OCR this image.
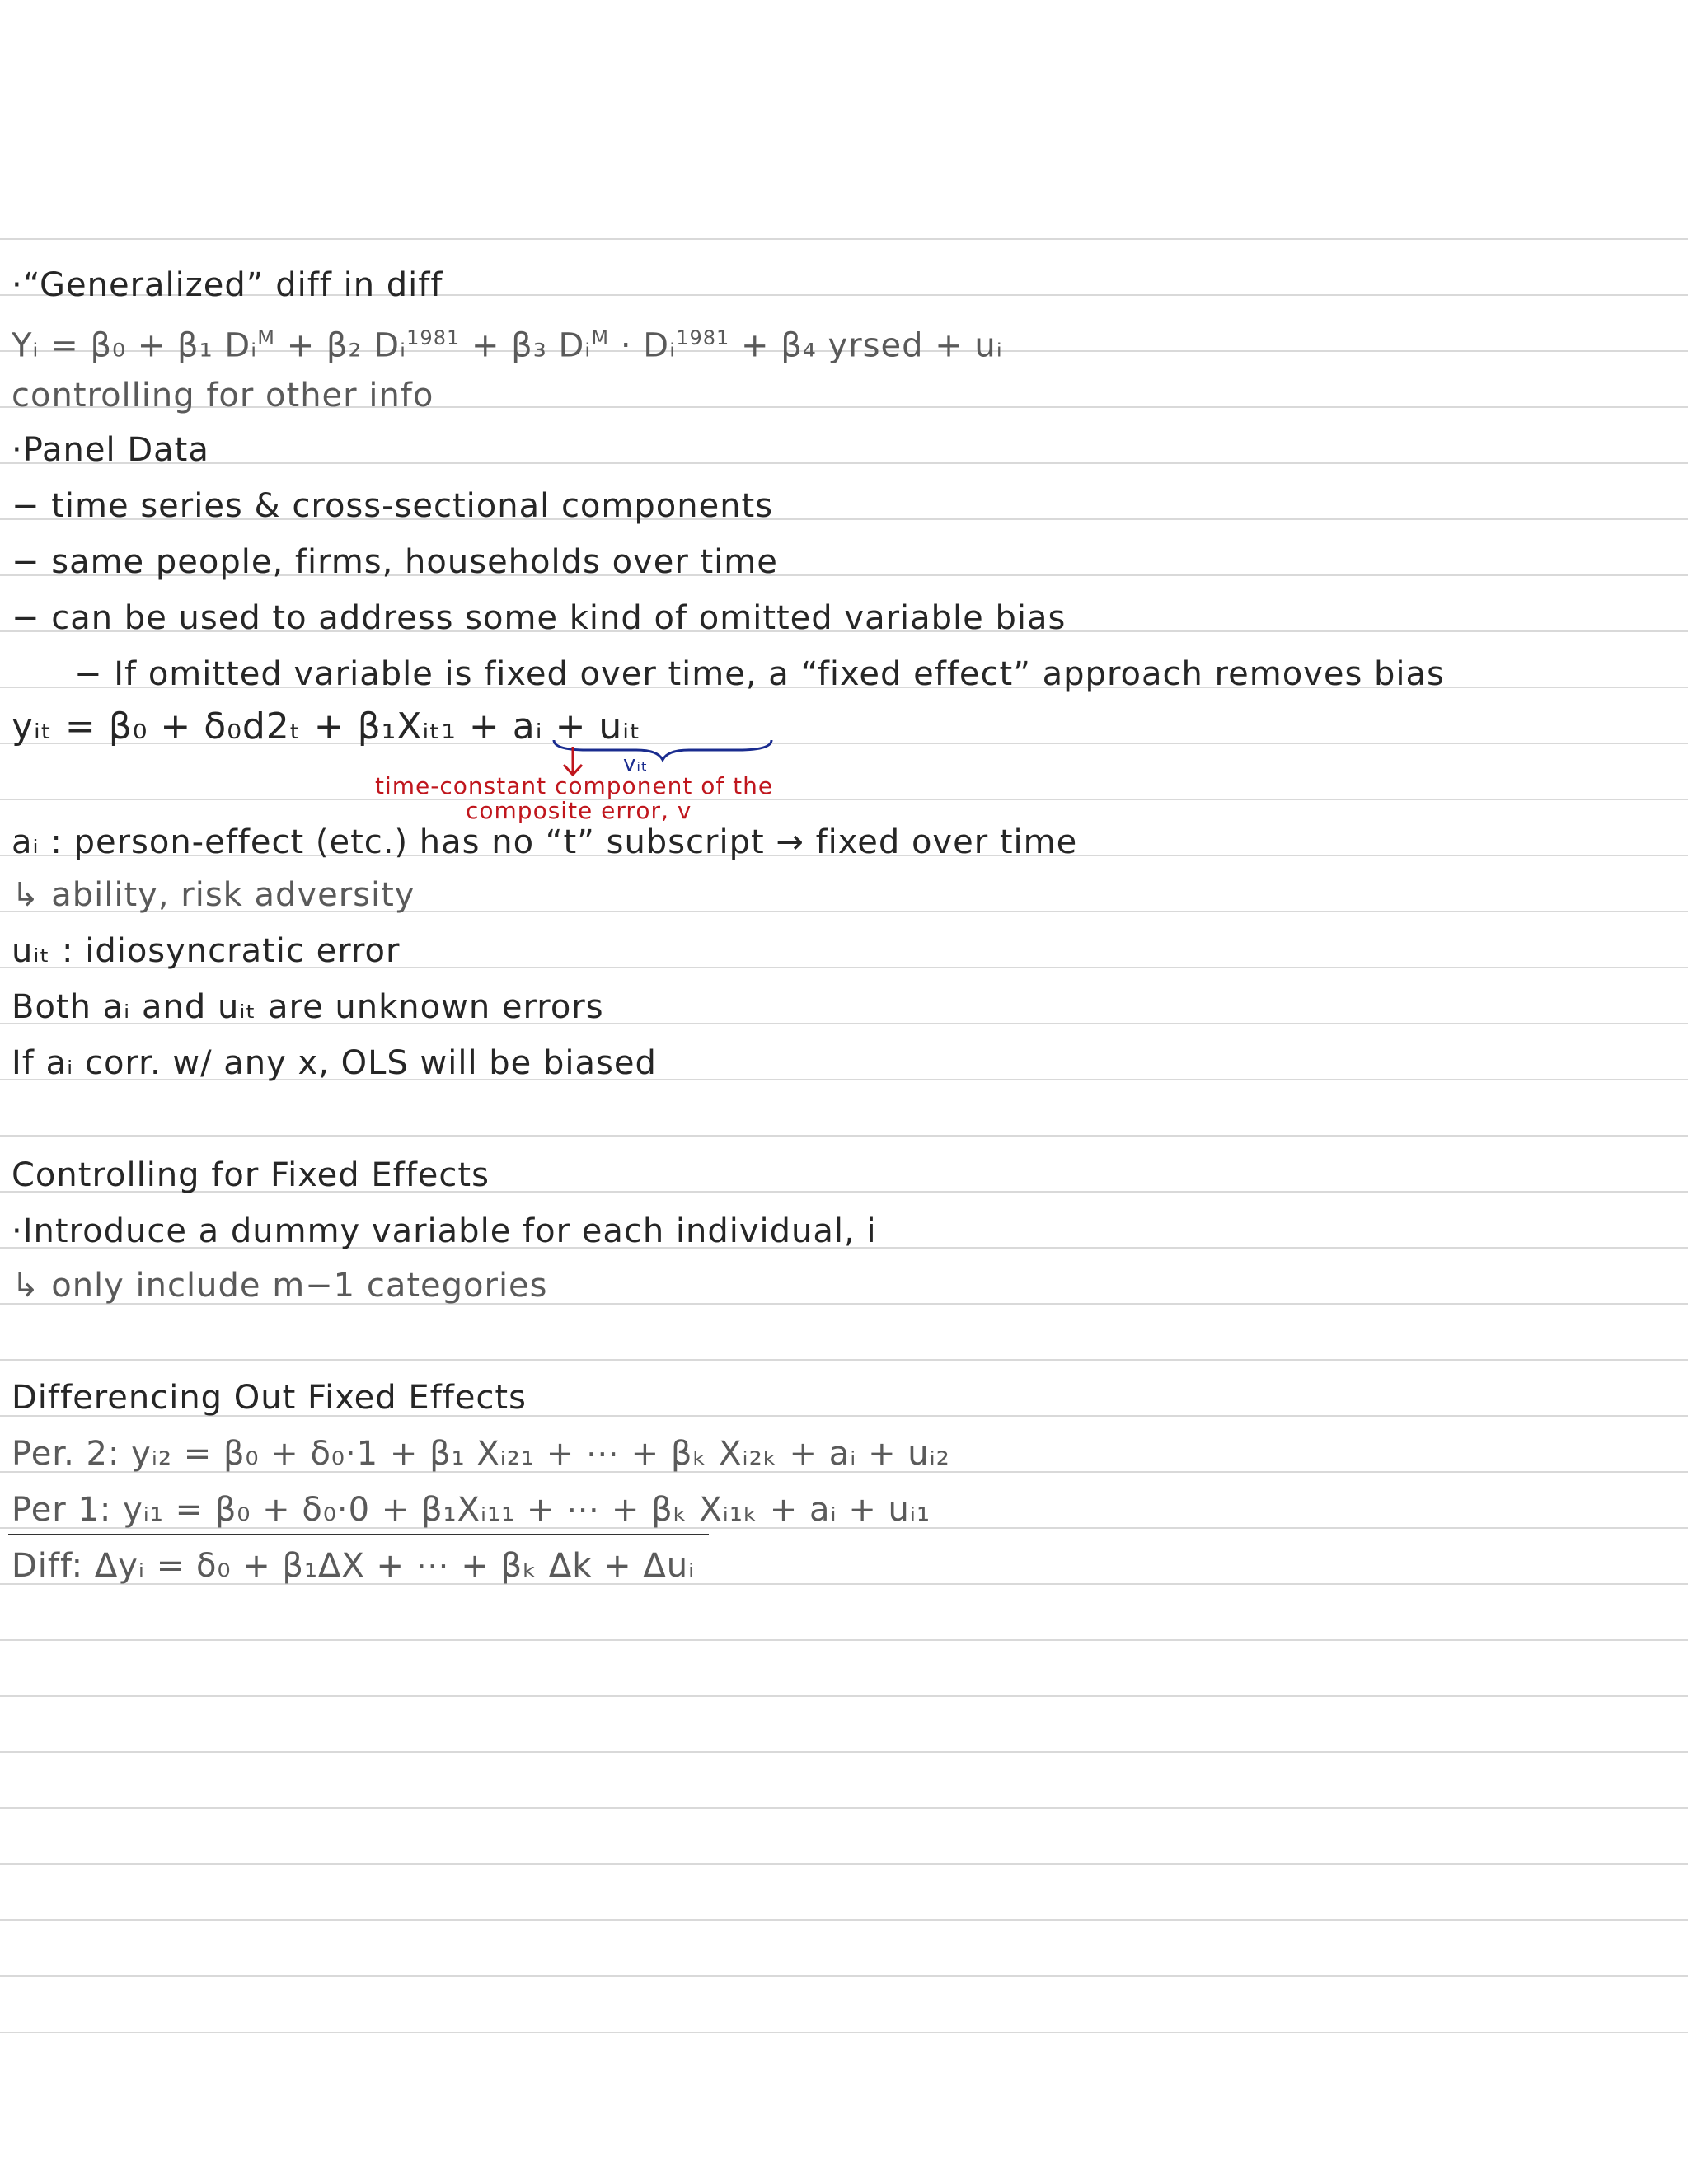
·“Generalized” diff in diff
Yᵢ = β₀ + β₁ Dᵢ$^M$ + β₂ Dᵢ$^{1981}$ + β₃ Dᵢ$^M$ · Dᵢ$^{1981}$ + β₄ yrsed + uᵢ
controlling for other info
·Panel Data
− time series & cross-sectional components
− same people, firms, households over time
− can be used to address some kind of omitted variable bias
− If omitted variable is fixed over time, a “fixed effect” approach removes bias
yᵢₜ = β₀ + δ₀d2ₜ + β₁Xᵢₜ₁ + aᵢ + uᵢₜ
vᵢₜ
time-constant component of the
composite error, v
aᵢ : person-effect (etc.) has no “t” subscript → fixed over time
↳ ability, risk adversity
uᵢₜ : idiosyncratic error
Both aᵢ and uᵢₜ are unknown errors
If aᵢ corr. w/ any x, OLS will be biased
Controlling for Fixed Effects
·Introduce a dummy variable for each individual, i
↳ only include m−1 categories
Differencing Out Fixed Effects
Per. 2: yᵢ₂ = β₀ + δ₀·1 + β₁ Xᵢ₂₁ + ⋯ + βₖ Xᵢ₂ₖ + aᵢ + uᵢ₂
Per 1: yᵢ₁ = β₀ + δ₀·0 + β₁Xᵢ₁₁ + ⋯ + βₖ Xᵢ₁ₖ + aᵢ + uᵢ₁
Diff: Δyᵢ = δ₀ + β₁ΔX + ⋯ + βₖ Δk + Δuᵢ
